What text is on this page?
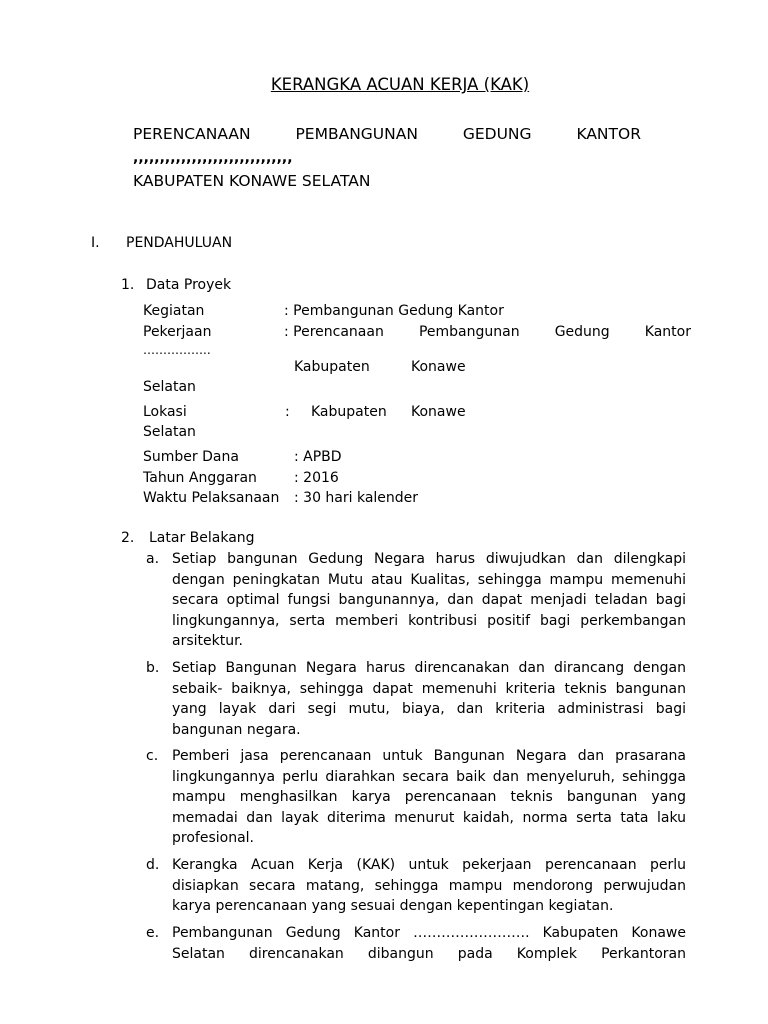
KERANGKA ACUAN KERJA (KAK)
PERENCANAAN	PEMBANGUNAN	GEDUNG	KANTOR
,,,,,,,,,,,,,,,,,,,,,,,,,,,,,,
KABUPATEN KONAWE SELATAN
I. PENDAHULUAN
1. Data Proyek
Kegiatan	: Pembangunan Gedung Kantor
Pekerjaan	: Perencanaan	Pembangunan	Gedung	Kantor
……………..
Kabupaten	Konawe
Selatan
Lokasi	: Kabupaten Konawe
Selatan
Sumber Dana	: APBD
Tahun Anggaran	: 2016
Waktu Pelaksanaan : 30 hari kalender
2. Latar Belakang
a. Setiap bangunan Gedung Negara harus diwujudkan dan dilengkapi dengan peningkatan Mutu atau Kualitas, sehingga mampu memenuhi secara optimal fungsi bangunannya, dan dapat menjadi teladan bagi lingkungannya, serta memberi kontribusi positif bagi perkembangan arsitektur.
b. Setiap Bangunan Negara harus direncanakan dan dirancang dengan sebaik- baiknya, sehingga dapat memenuhi kriteria teknis bangunan yang layak dari segi mutu, biaya, dan kriteria administrasi bagi bangunan negara.
c. Pemberi jasa perencanaan untuk Bangunan Negara dan prasarana lingkungannya perlu diarahkan secara baik dan menyeluruh, sehingga mampu menghasilkan karya perencanaan teknis bangunan yang memadai dan layak diterima menurut kaidah, norma serta tata laku profesional.
d. Kerangka Acuan Kerja (KAK) untuk pekerjaan perencanaan perlu disiapkan secara matang, sehingga mampu mendorong perwujudan karya perencanaan yang sesuai dengan kepentingan kegiatan.
e. Pembangunan Gedung Kantor ……………………. Kabupaten Konawe
Selatan direncanakan dibangun pada Komplek Perkantoran
